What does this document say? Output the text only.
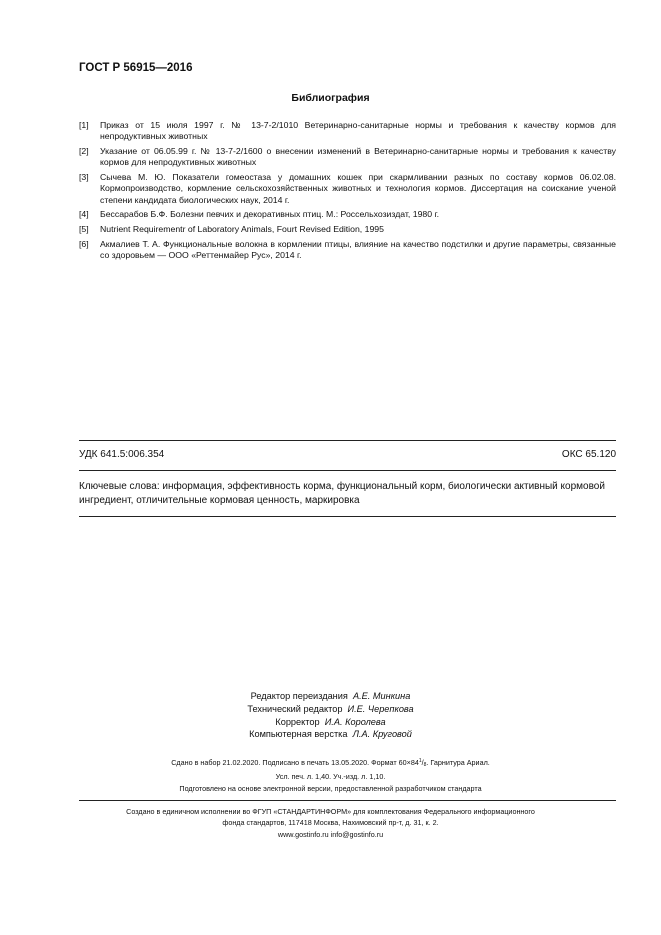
ГОСТ Р 56915—2016
Библиография
[1]	Приказ от 15 июля 1997 г. № 13-7-2/1010 Ветеринарно-санитарные нормы и требования к качеству кормов для непродуктивных животных
[2]	Указание от 06.05.99 г. № 13-7-2/1600 о внесении изменений в Ветеринарно-санитарные нормы и требования к качеству кормов для непродуктивных животных
[3]	Сычева М. Ю. Показатели гомеостаза у домашних кошек при скармливании разных по составу кормов 06.02.08. Кормопроизводство, кормление сельскохозяйственных животных и технология кормов. Диссертация на соискание ученой степени кандидата биологических наук, 2014 г.
[4]	Бессарабов Б.Ф. Болезни певчих и декоративных птиц. М.: Россельхозиздат, 1980 г.
[5]	Nutrient Requirementr of Laboratory Animals, Fourt Revised Edition, 1995
[6]	Акмалиев Т. А. Функциональные волокна в кормлении птицы, влияние на качество подстилки и другие параметры, связанные со здоровьем — ООО «Реттенмайер Рус», 2014 г.
УДК 641.5:006.354	ОКС 65.120
Ключевые слова: информация, эффективность корма, функциональный корм, биологически активный кормовой ингредиент, отличительные кормовая ценность, маркировка
Редактор переиздания А.Е. Минкина
Технический редактор И.Е. Черепкова
Корректор И.А. Королева
Компьютерная верстка Л.А. Круговой
Сдано в набор 21.02.2020. Подписано в печать 13.05.2020. Формат $60\times 84^1/_8$. Гарнитура Ариал.
Усл. печ. л. 1,40. Уч.-изд. л. 1,10.
Подготовлено на основе электронной версии, предоставленной разработчиком стандарта
Создано в единичном исполнении во ФГУП «СТАНДАРТИНФОРМ» для комплектования Федерального информационного
фонда стандартов, 117418 Москва, Нахимовский пр-т, д. 31, к. 2.
www.gostinfo.ru info@gostinfo.ru
